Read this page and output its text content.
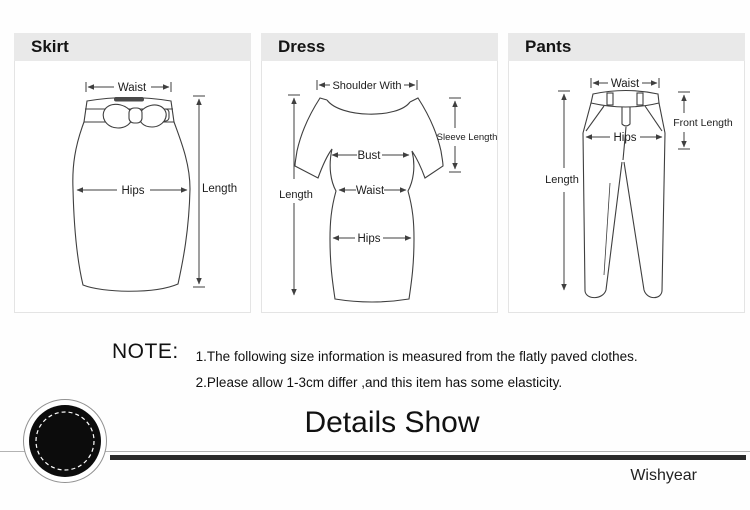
Skirt
Waist
Hips	Length
Dress
Shoulder With
Sleeve Length
Bust
Length	Waist
Hips
Pants
Waist
Hips
Length
Front Length
NOTE: 1.The following size information is measured from the flatly paved clothes.
2.Please allow 1-3cm differ ,and this item has some elasticity.
Details Show
Wishyear
